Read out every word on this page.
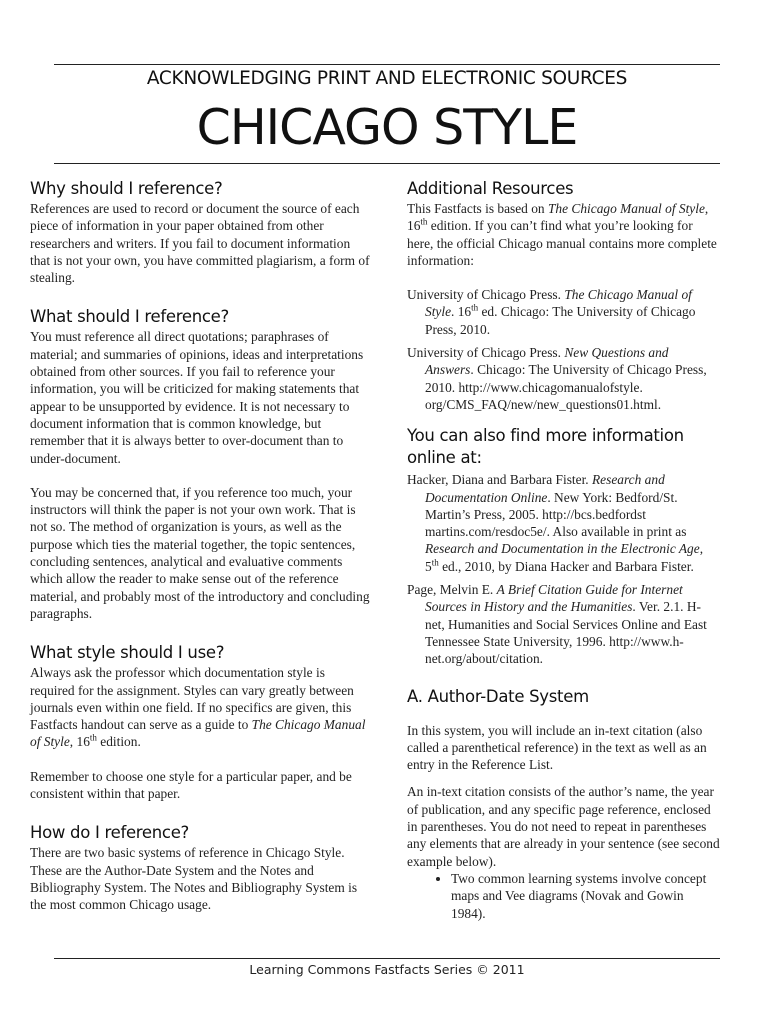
ACKNOWLEDGING PRINT AND ELECTRONIC SOURCES
CHICAGO STYLE
Why should I reference?

References are used to record or document the source of each piece of information in your paper obtained from other researchers and writers. If you fail to document information that is not your own, you have committed plagiarism, a form of stealing.

What should I reference?

You must reference all direct quotations; paraphrases of material; and summaries of opinions, ideas and interpretations obtained from other sources. If you fail to reference your information, you will be criticized for making statements that appear to be unsupported by evidence. It is not necessary to document information that is common knowledge, but remember that it is always better to over-document than to under-document.

You may be concerned that, if you reference too much, your instructors will think the paper is not your own work. That is not so. The method of organization is yours, as well as the purpose which ties the material together, the topic sentences, concluding sentences, analytical and evaluative comments which allow the reader to make sense out of the reference material, and probably most of the introductory and concluding paragraphs.

What style should I use?

Always ask the professor which documentation style is required for the assignment. Styles can vary greatly between journals even within one field. If no specifics are given, this Fastfacts handout can serve as a guide to The Chicago Manual of Style, 16th edition.

Remember to choose one style for a particular paper, and be consistent within that paper.

How do I reference?

There are two basic systems of reference in Chicago Style. These are the Author-Date System and the Notes and Bibliography System. The Notes and Bibliography System is the most common Chicago usage.

Additional Resources

This Fastfacts is based on The Chicago Manual of Style, 16th edition. If you can’t find what you’re looking for here, the official Chicago manual contains more complete information:

University of Chicago Press. The Chicago Manual of Style. 16th ed. Chicago: The University of Chicago Press, 2010.

University of Chicago Press. New Questions and Answers. Chicago: The University of Chicago Press, 2010. http://www.chicagomanualofstyle. org/CMS_FAQ/new/new_questions01.html.

You can also find more information online at:

Hacker, Diana and Barbara Fister. Research and Documentation Online. New York: Bedford/St. Martin’s Press, 2005. http://bcs.bedfordst martins.com/resdoc5e/. Also available in print as Research and Documentation in the Electronic Age, 5th ed., 2010, by Diana Hacker and Barbara Fister.

Page, Melvin E. A Brief Citation Guide for Internet Sources in History and the Humanities. Ver. 2.1. H-net, Humanities and Social Services Online and East Tennessee State University, 1996. http://www.h-net.org/about/citation.

A. Author-Date System

In this system, you will include an in-text citation (also called a parenthetical reference) in the text as well as an entry in the Reference List.

An in-text citation consists of the author’s name, the year of publication, and any specific page reference, enclosed in parentheses. You do not need to repeat in parentheses any elements that are already in your sentence (see second example below).

• Two common learning systems involve concept maps and Vee diagrams (Novak and Gowin 1984).
Learning Commons Fastfacts Series © 2011
